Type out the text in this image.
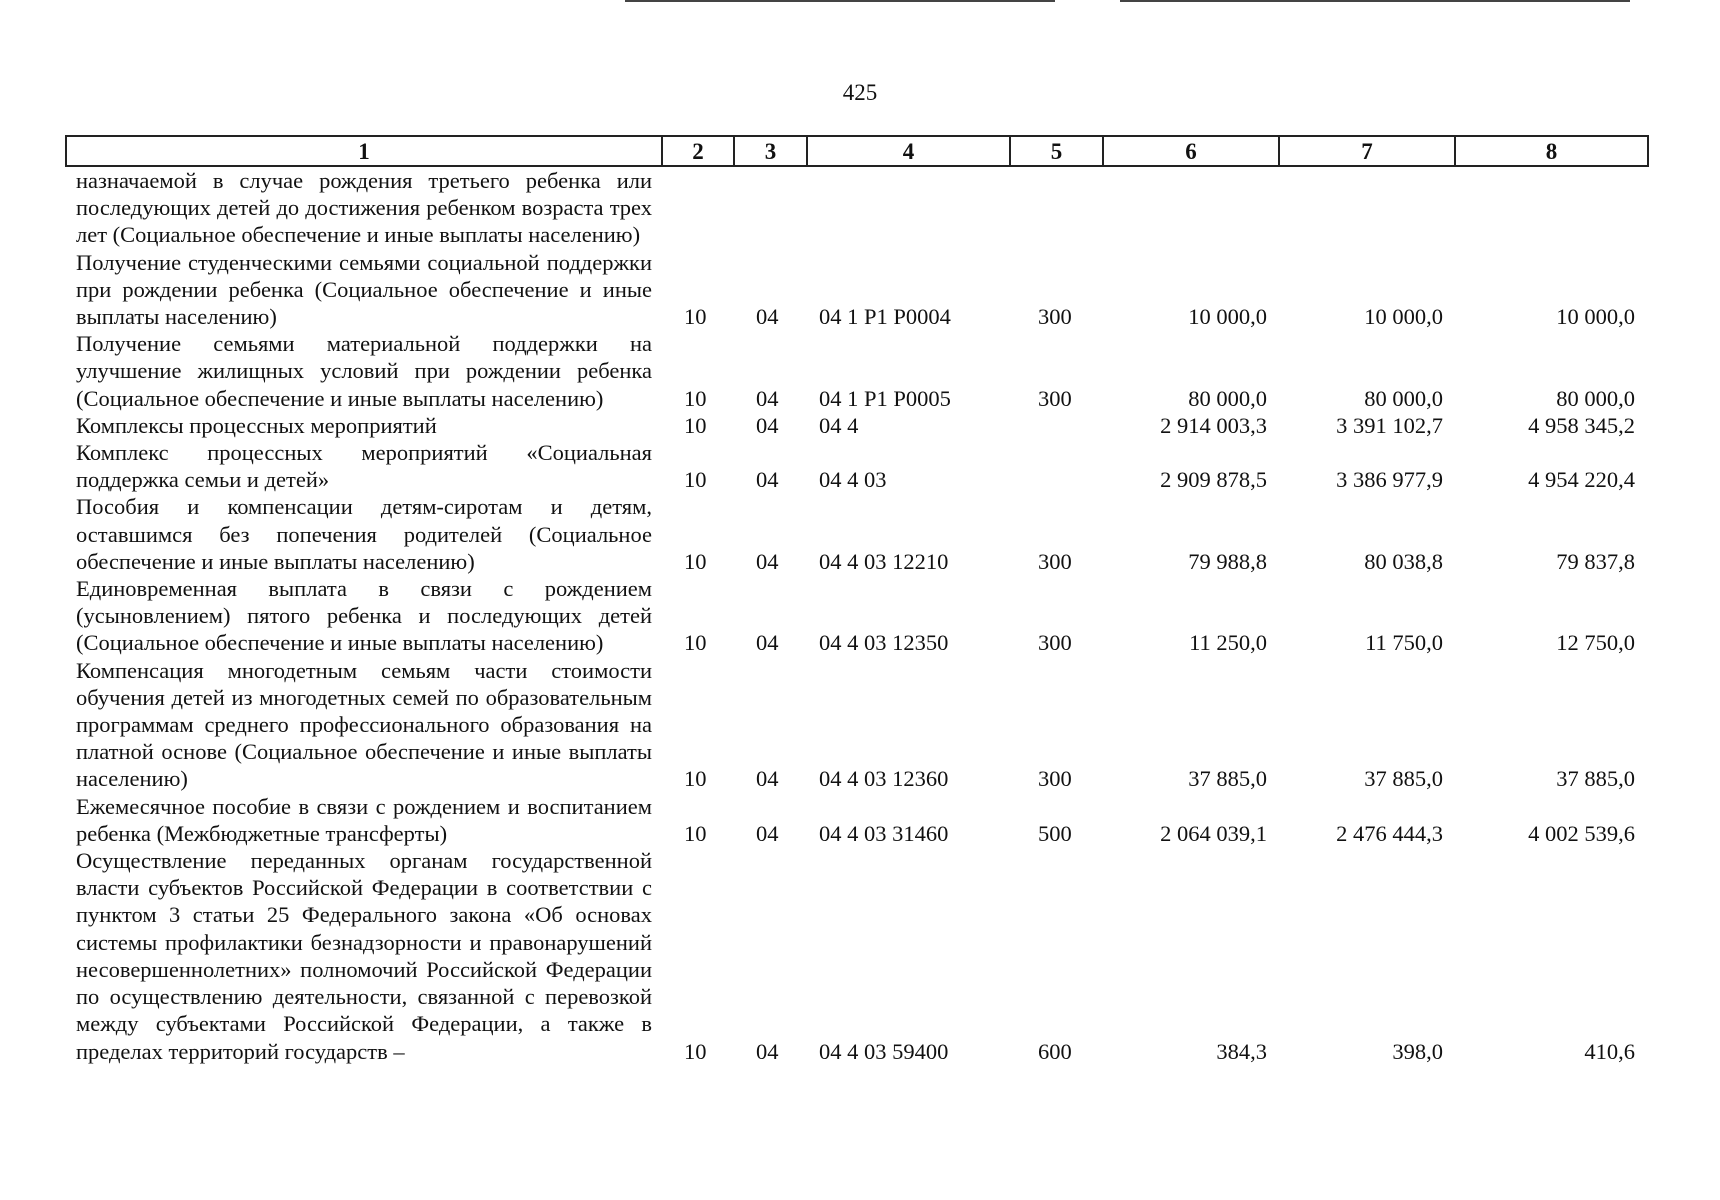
425
1	2	3	4	5	6	7	8
назначаемой в случае рождения третьего ребенка или последующих детей до достижения ребенком возраста трех лет (Социальное обеспечение и иные выплаты населению)							
Получение студенческими семьями социальной поддержки при рождении ребенка (Социальное обеспечение и иные выплаты населению)	10	04	04 1 P1 P0004	300	10 000,0	10 000,0	10 000,0
Получение семьями материальной поддержки на улучшение жилищных условий при рождении ребенка (Социальное обеспечение и иные выплаты населению)	10	04	04 1 P1 P0005	300	80 000,0	80 000,0	80 000,0
Комплексы процессных мероприятий	10	04	04 4		2 914 003,3	3 391 102,7	4 958 345,2
Комплекс процессных мероприятий «Социальная поддержка семьи и детей»	10	04	04 4 03		2 909 878,5	3 386 977,9	4 954 220,4
Пособия и компенсации детям-сиротам и детям, оставшимся без попечения родителей (Социальное обеспечение и иные выплаты населению)	10	04	04 4 03 12210	300	79 988,8	80 038,8	79 837,8
Единовременная выплата в связи с рождением (усыновлением) пятого ребенка и последующих детей (Социальное обеспечение и иные выплаты населению)	10	04	04 4 03 12350	300	11 250,0	11 750,0	12 750,0
Компенсация многодетным семьям части стоимости обучения детей из многодетных семей по образовательным программам среднего профессионального образования на платной основе (Социальное обеспечение и иные выплаты населению)	10	04	04 4 03 12360	300	37 885,0	37 885,0	37 885,0
Ежемесячное пособие в связи с рождением и воспитанием ребенка (Межбюджетные трансферты)	10	04	04 4 03 31460	500	2 064 039,1	2 476 444,3	4 002 539,6
Осуществление переданных органам государственной власти субъектов Российской Федерации в соответствии с пунктом 3 статьи 25 Федерального закона «Об основах системы профилактики безнадзорности и правонарушений несовершеннолетних» полномочий Российской Федерации по осуществлению деятельности, связанной с перевозкой между субъектами Российской Федерации, а также в пределах территорий государств –	10	04	04 4 03 59400	600	384,3	398,0	410,6
